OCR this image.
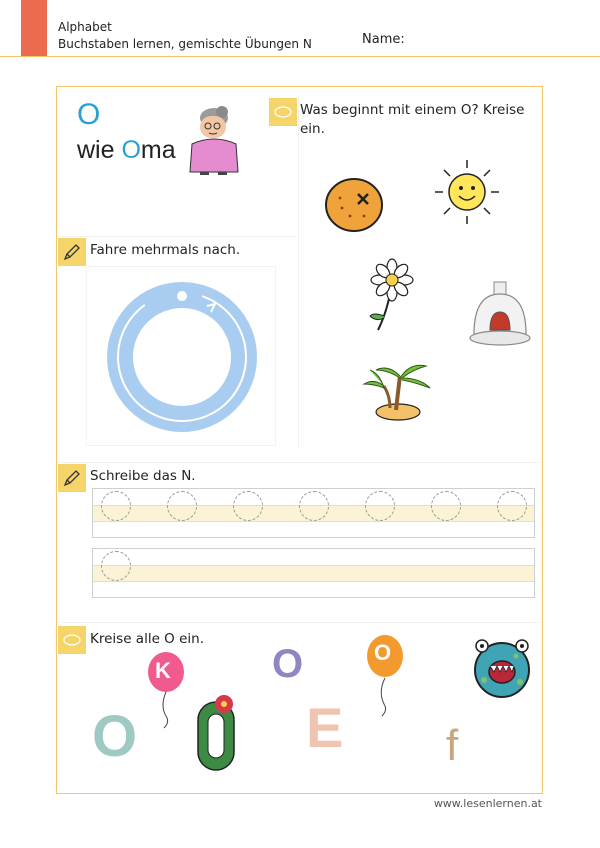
Alphabet
Buchstaben lernen, gemischte Übungen N	Name:
O
wie Oma
Was beginnt mit einem O? Kreise ein.
Fahre mehrmals nach.
Schreibe das N.
Kreise alle O ein.
K	O	O
O	E f
www.lesenlernen.at
